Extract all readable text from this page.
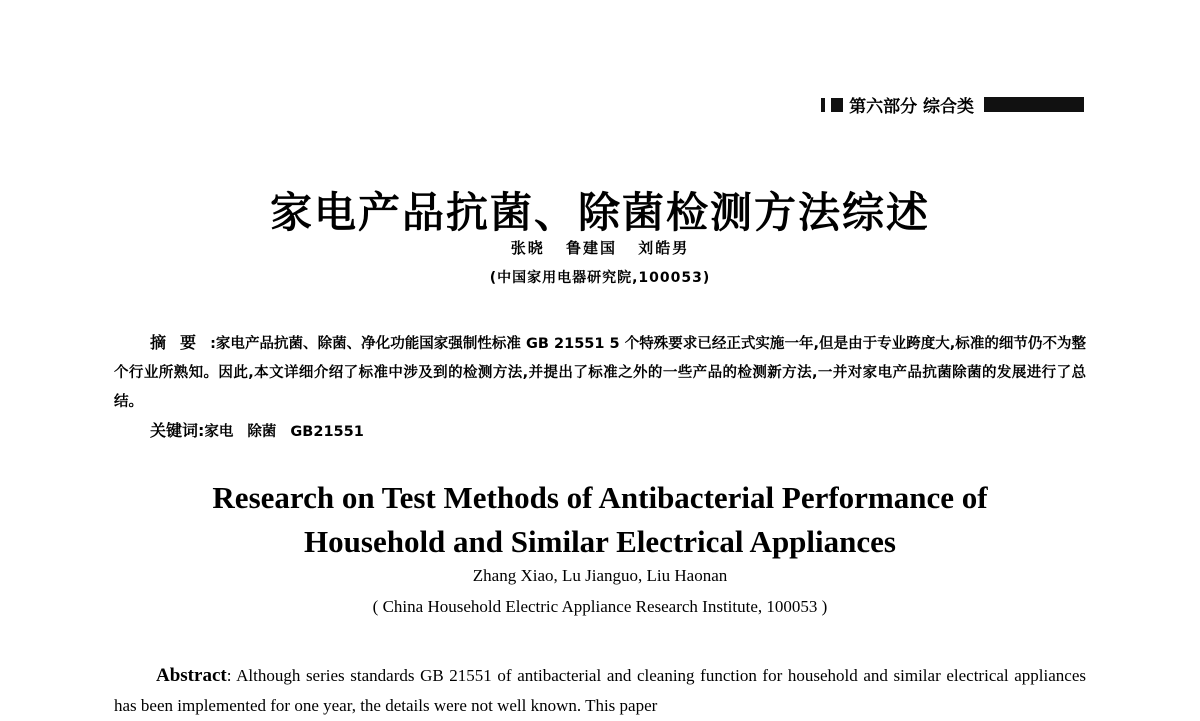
第六部分 综合类
家电产品抗菌、除菌检测方法综述
张晓 鲁建国 刘皓男
(中国家用电器研究院,100053)
摘要:家电产品抗菌、除菌、净化功能国家强制性标准 GB 21551 5 个特殊要求已经正式实施一年,但是由于专业跨度大,标准的细节仍不为整个行业所熟知。因此,本文详细介绍了标准中涉及到的检测方法,并提出了标准之外的一些产品的检测新方法,一并对家电产品抗菌除菌的发展进行了总结。
关键词:家电 除菌 GB21551
Research on Test Methods of Antibacterial Performance of
Household and Similar Electrical Appliances
Zhang Xiao, Lu Jianguo, Liu Haonan
( China Household Electric Appliance Research Institute, 100053 )
Abstract: Although series standards GB 21551 of antibacterial and cleaning function for household and similar electrical appliances has been implemented for one year, the details were not well known. This paper
